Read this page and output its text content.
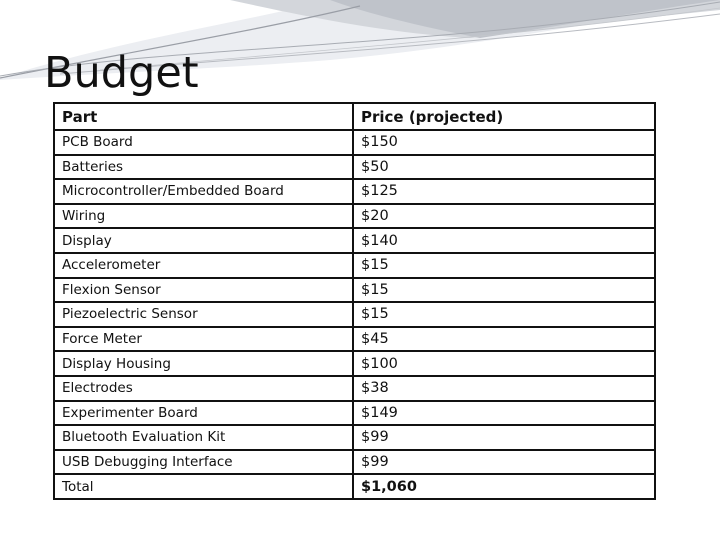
Budget
Part	Price (projected)
PCB Board	$150
Batteries	$50
Microcontroller/Embedded Board	$125
Wiring	$20
Display	$140
Accelerometer	$15
Flexion Sensor	$15
Piezoelectric Sensor	$15
Force Meter	$45
Display Housing	$100
Electrodes	$38
Experimenter Board	$149
Bluetooth Evaluation Kit	$99
USB Debugging Interface	$99
Total	$1,060
